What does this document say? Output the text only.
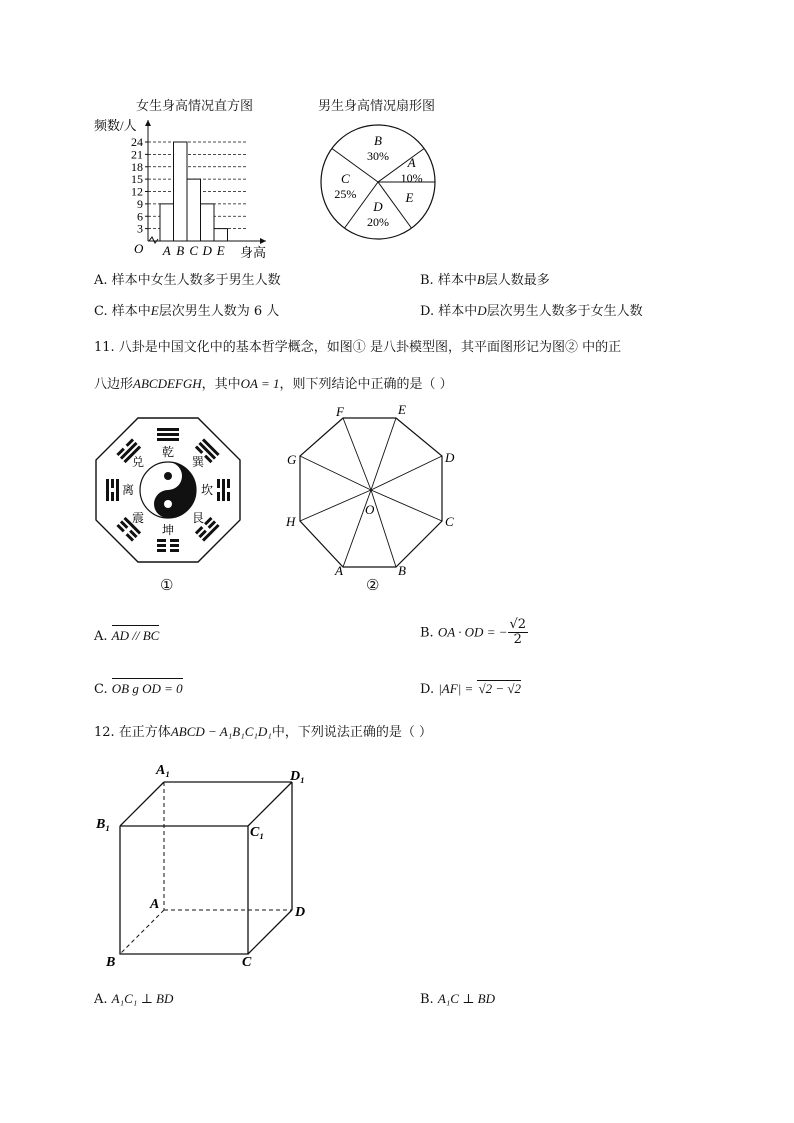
女生身高情况直方图	男生身高情况扇形图
3
6
9
12
15
18
21
24
A B C D E
频数/人
O	身高
A
10%
B
30%
C
25%
D
20%
E
A. 样本中女生人数多于男生人数	B. 样本中B层人数最多
C. 样本中E层次男生人数为 6 人	D. 样本中D层次男生人数多于女生人数
11. 八卦是中国文化中的基本哲学概念，如图① 是八卦模型图，其平面图形记为图② 中的正
八边形ABCDEFGH，其中OA = 1，则下列结论中正确的是（ ）
乾
巽
坎
艮
坤
震
离
兑
①
A	B
C
D
E
F
G
H
O
②
A. AD // BC	B. OA · OD = − $\frac{√2}{2}$
C. OB g OD = 0	D. |AF| = √2 − √2
12. 在正方体ABCD − A₁B₁C₁D₁中，下列说法正确的是（ ）
A₁	D₁
B₁
C₁
A
D
B	C
A. A₁C₁ ⊥ BD	B. A₁C ⊥ BD
